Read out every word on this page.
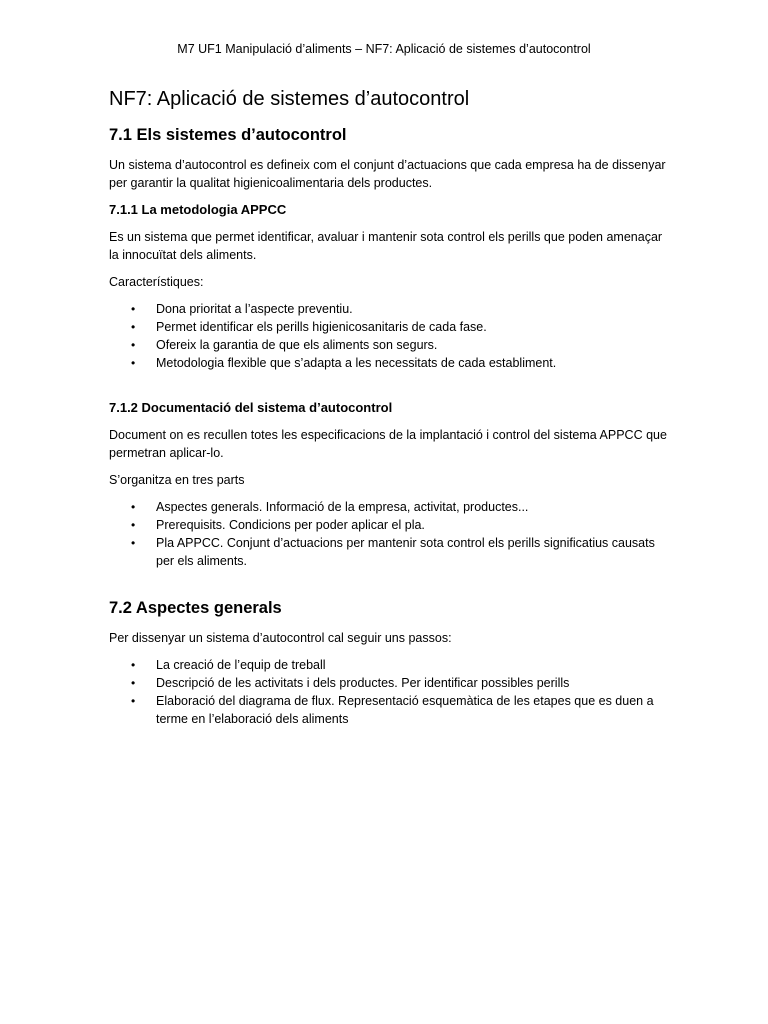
M7 UF1 Manipulació d’aliments – NF7: Aplicació de sistemes d’autocontrol
NF7: Aplicació de sistemes d’autocontrol
7.1 Els sistemes d’autocontrol

Un sistema d’autocontrol es defineix com el conjunt d’actuacions que cada empresa ha de dissenyar per garantir la qualitat higienicoalimentaria dels productes.

7.1.1 La metodologia APPCC

Es un sistema que permet identificar, avaluar i mantenir sota control els perills que poden amenaçar la innocuïtat dels aliments.

Característiques:

• Dona prioritat a l’aspecte preventiu.
• Permet identificar els perills higienicosanitaris de cada fase.
• Ofereix la garantia de que els aliments son segurs.
• Metodologia flexible que s’adapta a les necessitats de cada establiment.
7.1.2 Documentació del sistema d’autocontrol

Document on es recullen totes les especificacions de la implantació i control del sistema APPCC que permetran aplicar-lo.

S’organitza en tres parts

• Aspectes generals. Informació de la empresa, activitat, productes...
• Prerequisits. Condicions per poder aplicar el pla.
• Pla APPCC. Conjunt d’actuacions per mantenir sota control els perills significatius causats per els aliments.
7.2 Aspectes generals

Per dissenyar un sistema d’autocontrol cal seguir uns passos:

• La creació de l’equip de treball
• Descripció de les activitats i dels productes. Per identificar possibles perills
• Elaboració del diagrama de flux. Representació esquemàtica de les etapes que es duen a terme en l’elaboració dels aliments
